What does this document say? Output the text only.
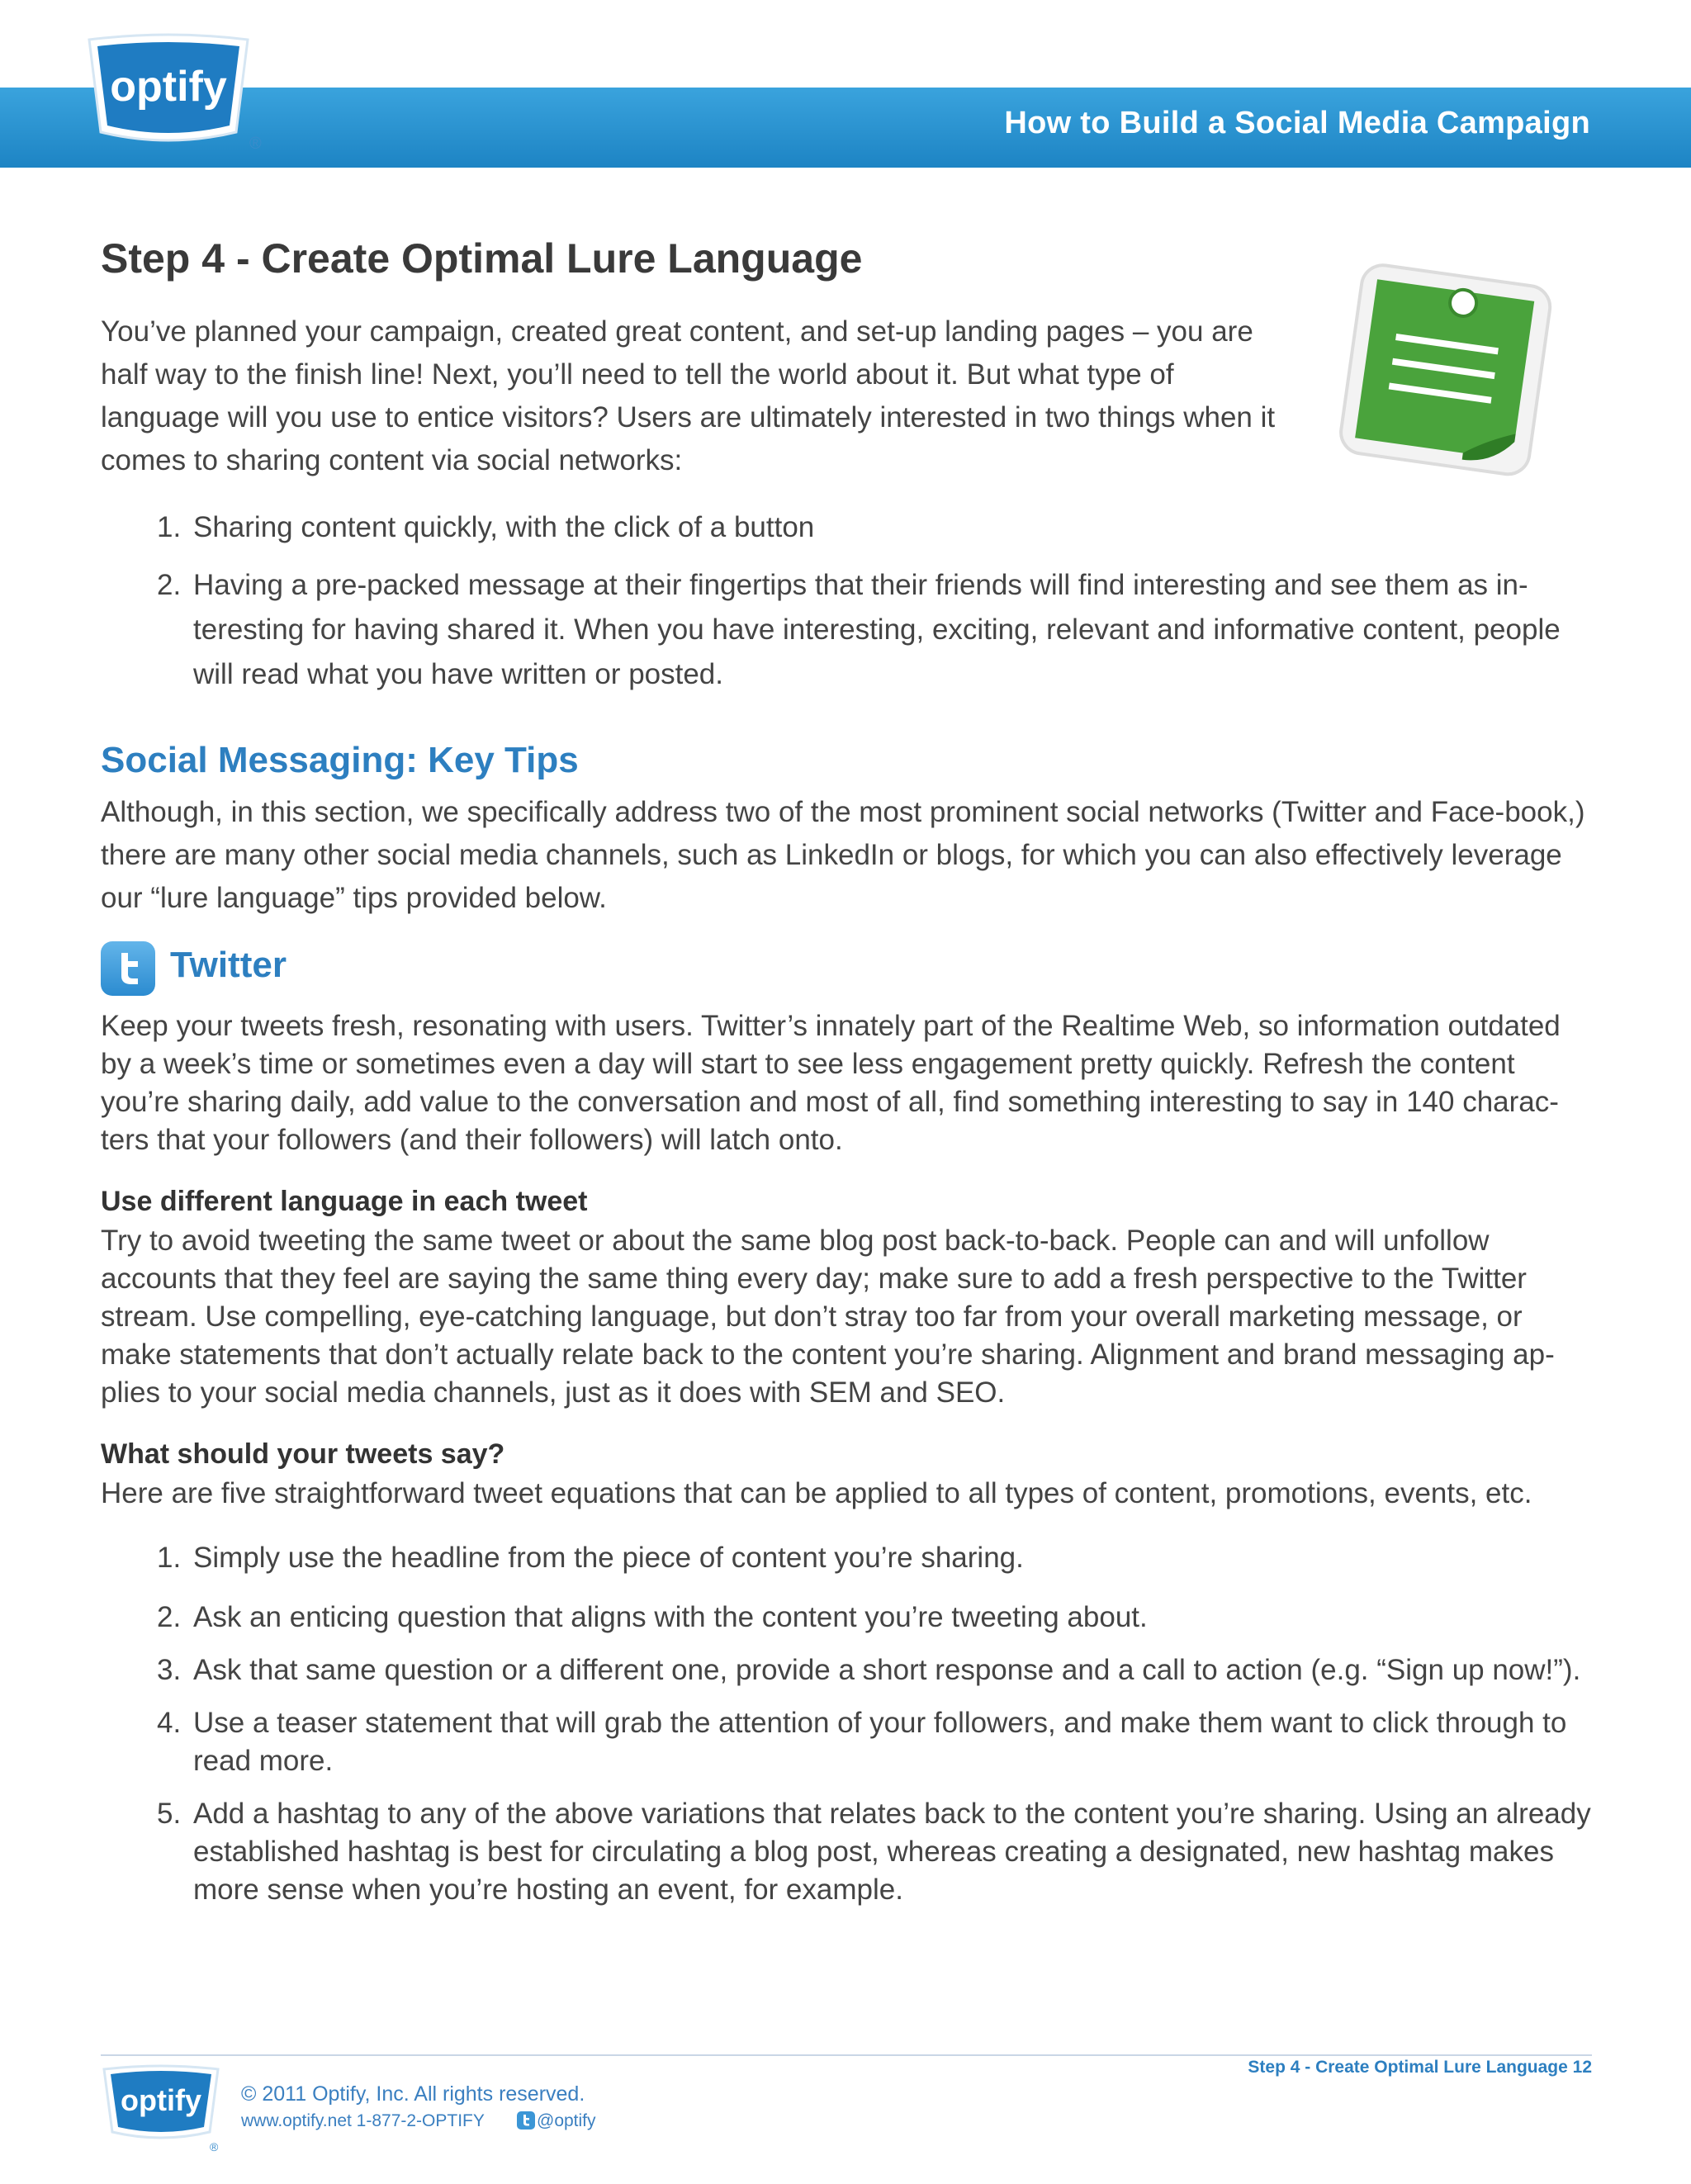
How to Build a Social Media Campaign
optify
®
Step 4 - Create Optimal Lure Language

You’ve planned your campaign, created great content, and set-up landing pages – you are half way to the finish line! Next, you’ll need to tell the world about it. But what type of language will you use to entice visitors? Users are ultimately interested in two things when it comes to sharing content via social networks:

1. Sharing content quickly, with the click of a button
2. Having a pre-packed message at their fingertips that their friends will find interesting and see them as in-teresting for having shared it. When you have interesting, exciting, relevant and informative content, people will read what you have written or posted.
Social Messaging: Key Tips

Although, in this section, we specifically address two of the most prominent social networks (Twitter and Face-book,) there are many other social media channels, such as LinkedIn or blogs, for which you can also effectively leverage our “lure language” tips provided below.

Twitter

Keep your tweets fresh, resonating with users. Twitter’s innately part of the Realtime Web, so information outdated by a week’s time or sometimes even a day will start to see less engagement pretty quickly. Refresh the content you’re sharing daily, add value to the conversation and most of all, find something interesting to say in 140 charac-ters that your followers (and their followers) will latch onto.

Use different language in each tweet

Try to avoid tweeting the same tweet or about the same blog post back-to-back. People can and will unfollow accounts that they feel are saying the same thing every day; make sure to add a fresh perspective to the Twitter stream. Use compelling, eye-catching language, but don’t stray too far from your overall marketing message, or make statements that don’t actually relate back to the content you’re sharing. Alignment and brand messaging ap-plies to your social media channels, just as it does with SEM and SEO.

What should your tweets say?

Here are five straightforward tweet equations that can be applied to all types of content, promotions, events, etc.

1. Simply use the headline from the piece of content you’re sharing.
2. Ask an enticing question that aligns with the content you’re tweeting about.
3. Ask that same question or a different one, provide a short response and a call to action (e.g. “Sign up now!”).
4. Use a teaser statement that will grab the attention of your followers, and make them want to click through to read more.
5. Add a hashtag to any of the above variations that relates back to the content you’re sharing. Using an already established hashtag is best for circulating a blog post, whereas creating a designated, new hashtag makes more sense when you’re hosting an event, for example.
Step 4 - Create Optimal Lure Language 12
optify
®
© 2011 Optify, Inc. All rights reserved.
www.optify.net 1-877-2-OPTIFY	@optify
